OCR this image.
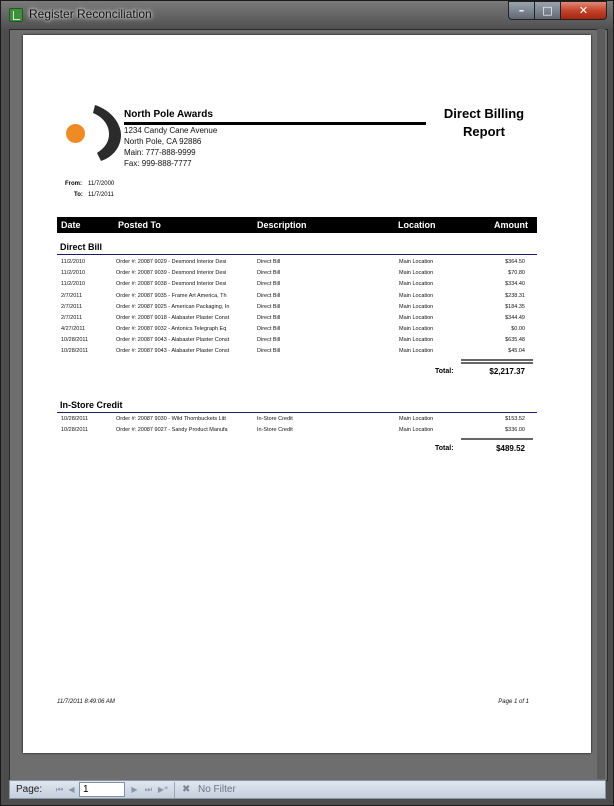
Register Reconciliation	–	□	✕
North Pole Awards
1234 Candy Cane Avenue
North Pole, CA 92886
Main: 777-888-9999
Fax: 999-888-7777
Direct Billing
Report
From: 11/7/2000
To: 11/7/2011
Date	Posted To	Description	Location	Amount
Direct Bill
11/2/2010	Order #: 20087 9029 - Desmond Interior Desi	Direct Bill	Main Location	$364.50
11/2/2010	Order #: 20087 9039 - Desmond Interior Desi	Direct Bill	Main Location	$70.80
11/2/2010	Order #: 20087 9038 - Desmond Interior Desi	Direct Bill	Main Location	$334.40
2/7/2011	Order #: 20087 9035 - Frame Art America, Th	Direct Bill	Main Location	$238.31
2/7/2011	Order #: 20087 9025 - American Packaging, In	Direct Bill	Main Location	$184.35
2/7/2011	Order #: 20087 9018 - Alabaster Plaster Const	Direct Bill	Main Location	$344.49
4/27/2011	Order #: 20087 9032 - Antonics Telegraph Eq	Direct Bill	Main Location	$0.00
10/28/2011	Order #: 20087 9043 - Alabaster Plaster Const	Direct Bill	Main Location	$635.48
10/28/2011	Order #: 20087 9043 - Alabaster Plaster Const	Direct Bill	Main Location	$45.04
Total:	$2,217.37
In-Store Credit
10/28/2011	Order #: 20087 9030 - Wild Thornbuckets Litt	In-Store Credit	Main Location	$153.52
10/28/2011	Order #: 20087 9027 - Sandy Product Manufa	In-Store Credit	Main Location	$336.00
Total:	$489.52
11/7/2011 8:49:06 AM	Page 1 of 1
Page: ⏮ ◀
1	▶ ⏭ ▶* ✖ No Filter
